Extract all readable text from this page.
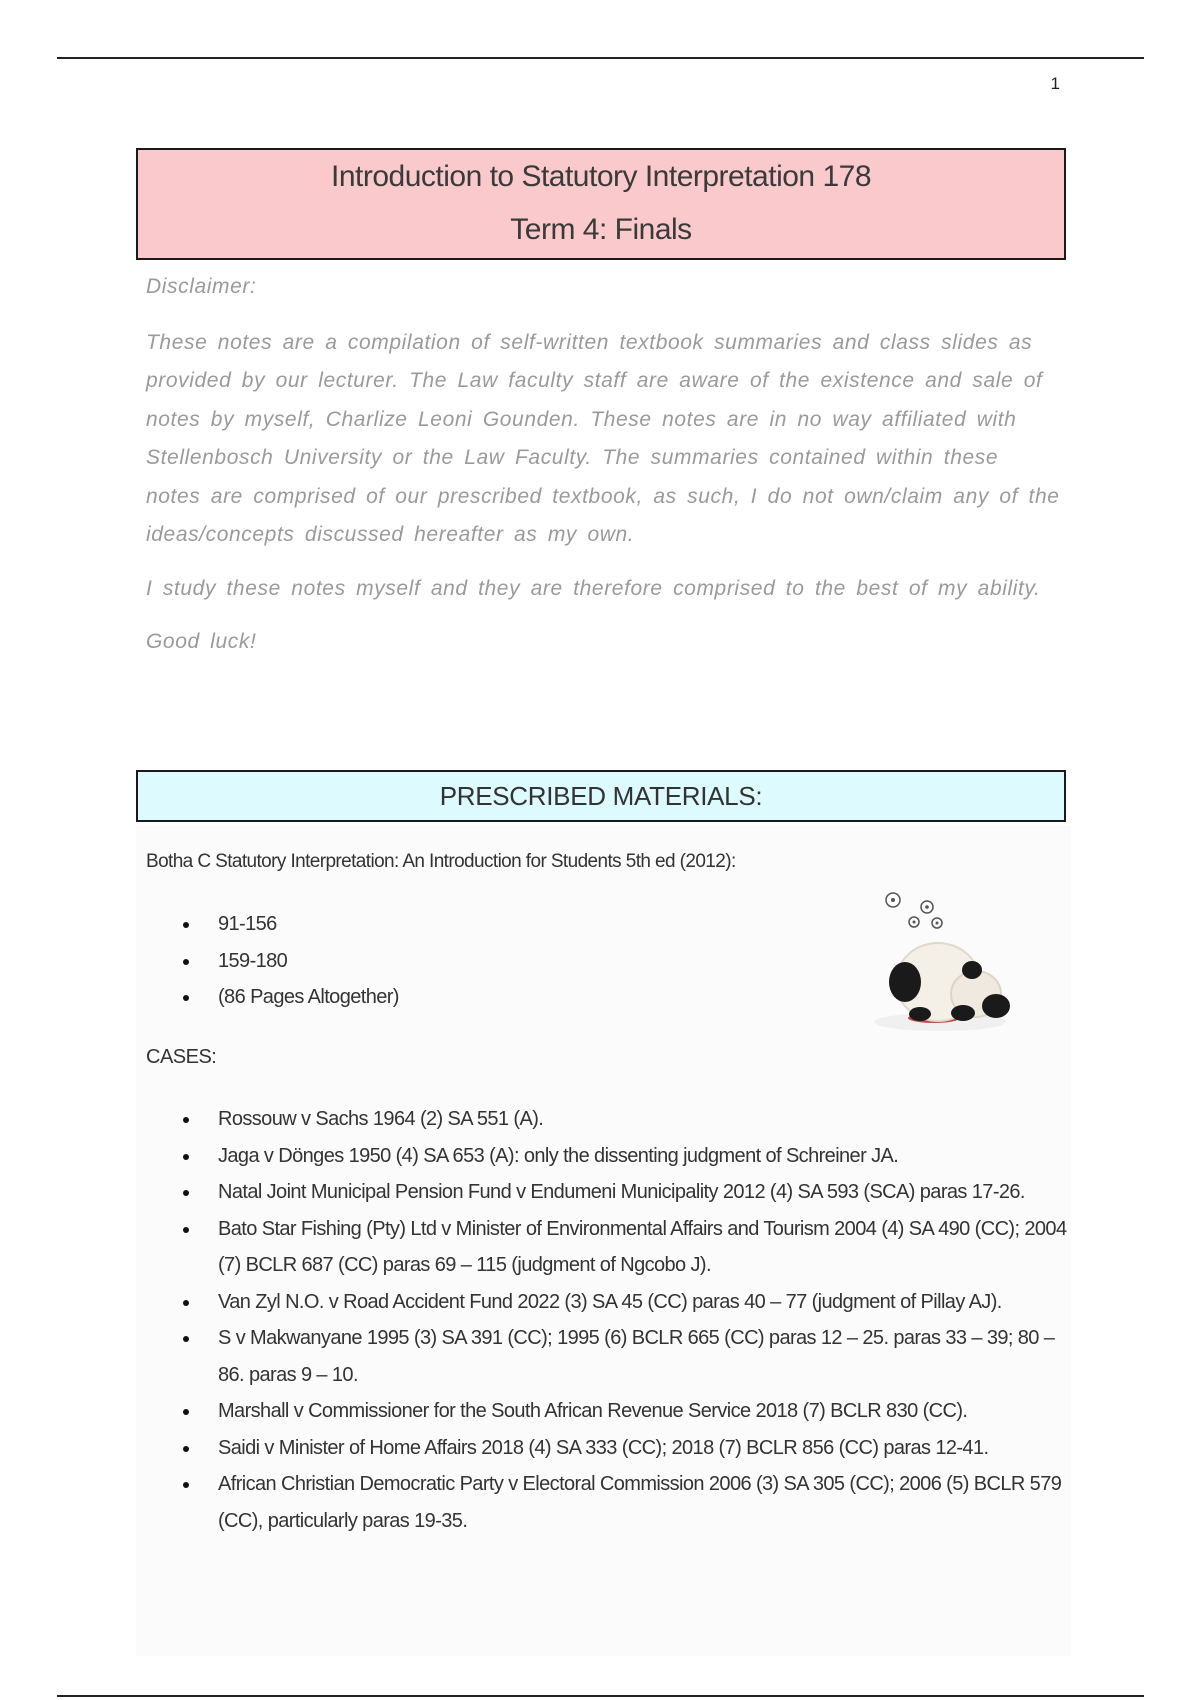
1
Introduction to Statutory Interpretation 178
Term 4: Finals

Disclaimer:

These notes are a compilation of self-written textbook summaries and class slides as provided by our lecturer. The Law faculty staff are aware of the existence and sale of notes by myself, Charlize Leoni Gounden. These notes are in no way affiliated with Stellenbosch University or the Law Faculty. The summaries contained within these notes are comprised of our prescribed textbook, as such, I do not own/claim any of the ideas/concepts discussed hereafter as my own.

I study these notes myself and they are therefore comprised to the best of my ability.

Good luck!

PRESCRIBED MATERIALS:
Botha C Statutory Interpretation: An Introduction for Students 5th ed (2012):
91-156
159-180
(86 Pages Altogether)
CASES:
Rossouw v Sachs 1964 (2) SA 551 (A).
Jaga v Dönges 1950 (4) SA 653 (A): only the dissenting judgment of Schreiner JA.
Natal Joint Municipal Pension Fund v Endumeni Municipality 2012 (4) SA 593 (SCA) paras 17-26.
Bato Star Fishing (Pty) Ltd v Minister of Environmental Affairs and Tourism 2004 (4) SA 490 (CC); 2004 (7) BCLR 687 (CC) paras 69 – 115 (judgment of Ngcobo J).
Van Zyl N.O. v Road Accident Fund 2022 (3) SA 45 (CC) paras 40 – 77 (judgment of Pillay AJ).
S v Makwanyane 1995 (3) SA 391 (CC); 1995 (6) BCLR 665 (CC) paras 12 – 25. paras 33 – 39; 80 – 86. paras 9 – 10.
Marshall v Commissioner for the South African Revenue Service 2018 (7) BCLR 830 (CC).
Saidi v Minister of Home Affairs 2018 (4) SA 333 (CC); 2018 (7) BCLR 856 (CC) paras 12-41.
African Christian Democratic Party v Electoral Commission 2006 (3) SA 305 (CC); 2006 (5) BCLR 579 (CC), particularly paras 19-35.
